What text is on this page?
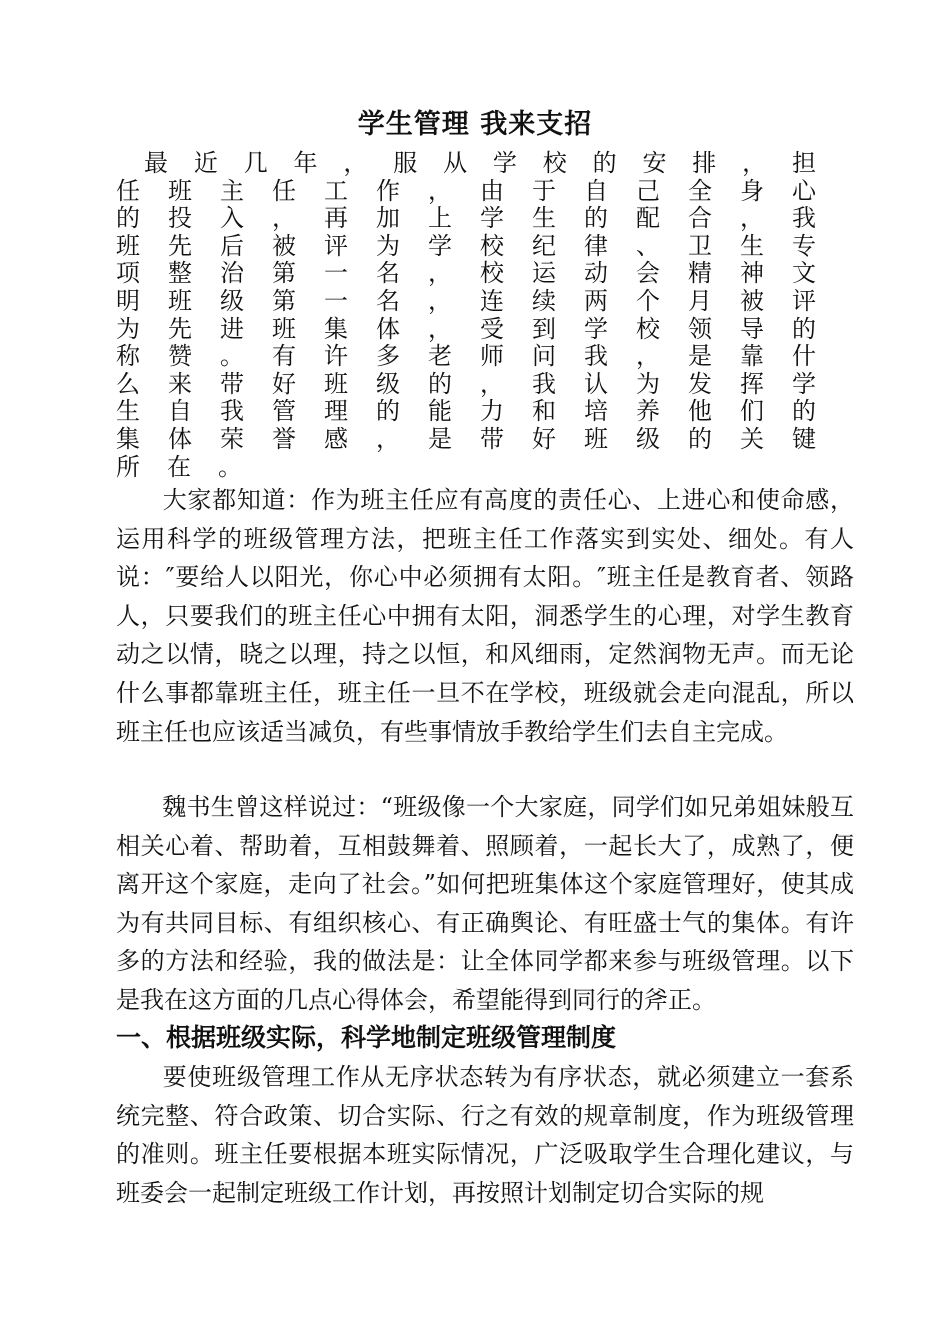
学生管理 我来支招
最近几年，服从学校的安排，担
任班主任工作，由于自己全身心
的投入，再加上学生的配合，我
班先后被评为学校纪律、卫生专
项整治第一名，校运动会精神文
明班级第一名，连续两个月被评
为先进班集体，受到学校领导的
称赞。有许多老师问我，是靠什
么来带好班级的，我认为发挥学
生自我管理的能力和培养他们的
集体荣誉感，是带好班级的关键
所在。

大家都知道：作为班主任应有高度的责任心、上进心和使命感，运用科学的班级管理方法，把班主任工作落实到实处、细处。有人说：″要给人以阳光，你心中必须拥有太阳。″班主任是教育者、领路人，只要我们的班主任心中拥有太阳，洞悉学生的心理，对学生教育动之以情，晓之以理，持之以恒，和风细雨，定然润物无声。而无论什么事都靠班主任，班主任一旦不在学校，班级就会走向混乱，所以班主任也应该适当减负，有些事情放手教给学生们去自主完成。

魏书生曾这样说过：“班级像一个大家庭，同学们如兄弟姐妹般互相关心着、帮助着，互相鼓舞着、照顾着，一起长大了，成熟了，便离开这个家庭，走向了社会。”如何把班集体这个家庭管理好，使其成为有共同目标、有组织核心、有正确舆论、有旺盛士气的集体。有许多的方法和经验，我的做法是：让全体同学都来参与班级管理。以下是我在这方面的几点心得体会，希望能得到同行的斧正。

一、根据班级实际，科学地制定班级管理制度

要使班级管理工作从无序状态转为有序状态，就必须建立一套系统完整、符合政策、切合实际、行之有效的规章制度，作为班级管理的准则。班主任要根据本班实际情况，广泛吸取学生合理化建议，与班委会一起制定班级工作计划，再按照计划制定切合实际的规
